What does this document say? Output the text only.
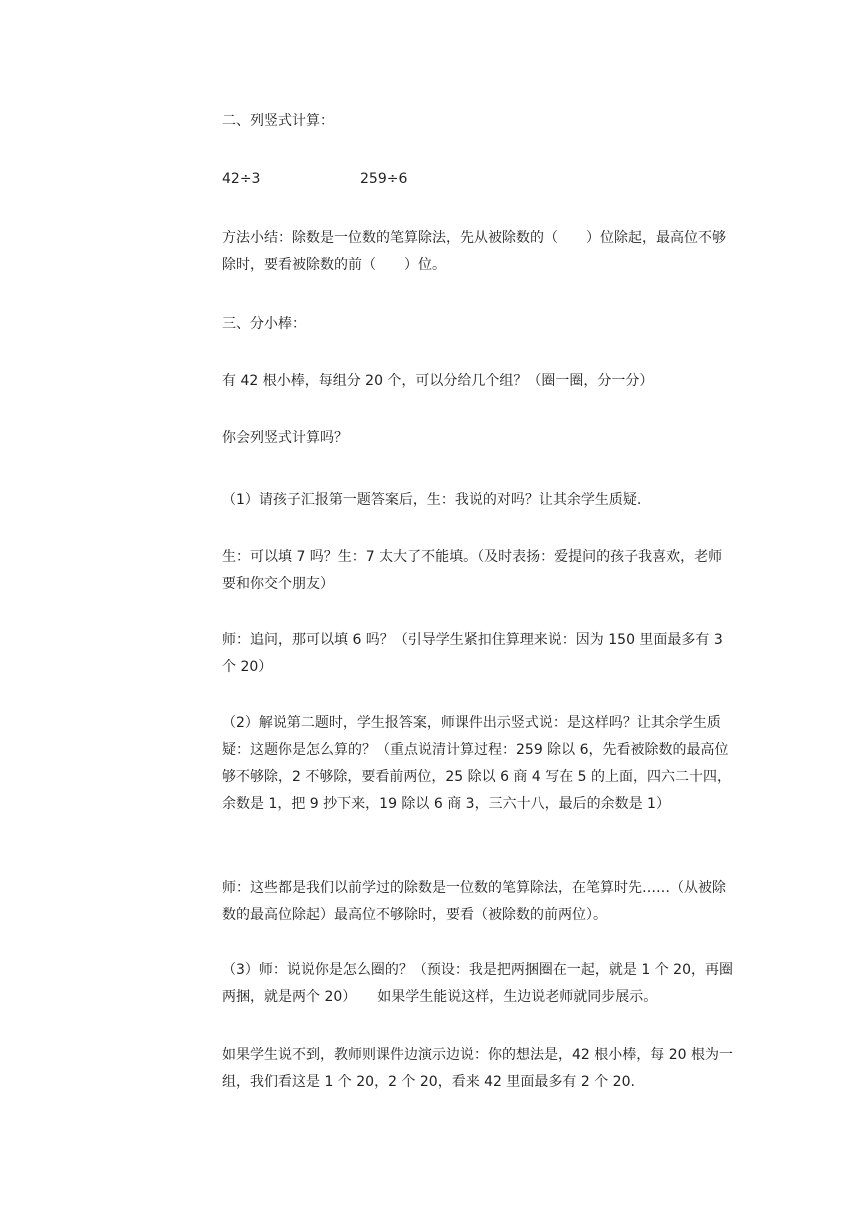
二、列竖式计算：

42÷3	259÷6

方法小结：除数是一位数的笔算除法，先从被除数的（　　）位除起，最高位不够除时，要看被除数的前（　　）位。

三、分小棒：

有 42 根小棒，每组分 20 个，可以分给几个组？（圈一圈，分一分）

你会列竖式计算吗？

（1）请孩子汇报第一题答案后，生：我说的对吗？让其余学生质疑.

生：可以填 7 吗？生：7 太大了不能填。（及时表扬：爱提问的孩子我喜欢，老师要和你交个朋友）

师：追问，那可以填 6 吗？（引导学生紧扣住算理来说：因为 150 里面最多有 3 个 20）

（2）解说第二题时，学生报答案，师课件出示竖式说：是这样吗？让其余学生质疑：这题你是怎么算的？（重点说清计算过程：259 除以 6，先看被除数的最高位够不够除，2 不够除，要看前两位，25 除以 6 商 4 写在 5 的上面，四六二十四，余数是 1，把 9 抄下来，19 除以 6 商 3，三六十八，最后的余数是 1）

师：这些都是我们以前学过的除数是一位数的笔算除法，在笔算时先……（从被除数的最高位除起）最高位不够除时，要看（被除数的前两位）。

（3）师：说说你是怎么圈的？（预设：我是把两捆圈在一起，就是 1 个 20，再圈两捆，就是两个 20）　　如果学生能说这样，生边说老师就同步展示。

如果学生说不到，教师则课件边演示边说：你的想法是，42 根小棒，每 20 根为一组，我们看这是 1 个 20，2 个 20，看来 42 里面最多有 2 个 20.
